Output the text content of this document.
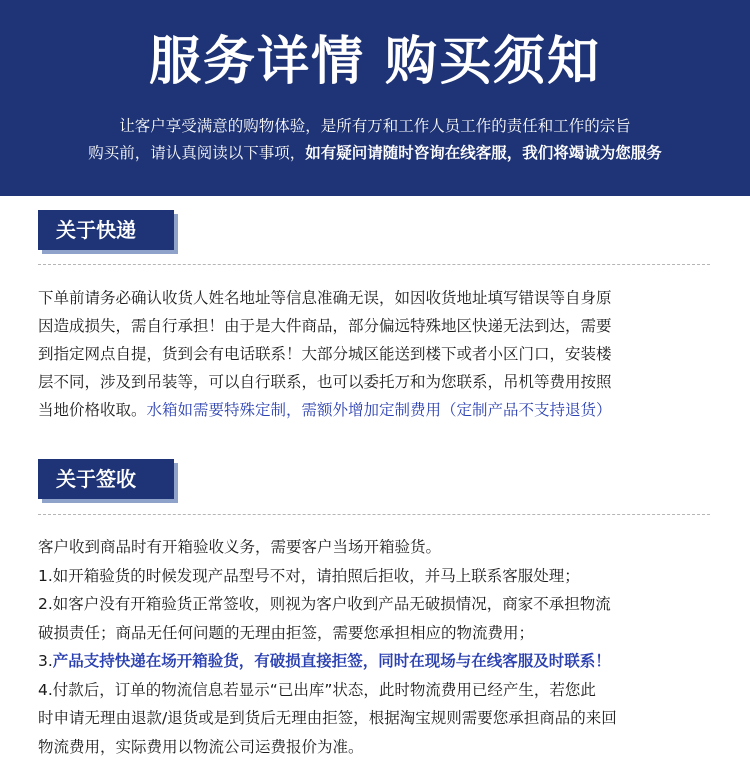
服务详情 购买须知
让客户享受满意的购物体验，是所有万和工作人员工作的责任和工作的宗旨
购买前，请认真阅读以下事项，如有疑问请随时咨询在线客服，我们将竭诚为您服务
关于快递
下单前请务必确认收货人姓名地址等信息准确无误，如因收货地址填写错误等自身原
因造成损失，需自行承担！由于是大件商品，部分偏远特殊地区快递无法到达，需要
到指定网点自提，货到会有电话联系！大部分城区能送到楼下或者小区门口，安装楼
层不同，涉及到吊装等，可以自行联系，也可以委托万和为您联系，吊机等费用按照
当地价格收取。水箱如需要特殊定制，需额外增加定制费用（定制产品不支持退货）
关于签收
客户收到商品时有开箱验收义务，需要客户当场开箱验货。
1.如开箱验货的时候发现产品型号不对，请拍照后拒收，并马上联系客服处理；
2.如客户没有开箱验货正常签收，则视为客户收到产品无破损情况，商家不承担物流
破损责任；商品无任何问题的无理由拒签，需要您承担相应的物流费用；
3.产品支持快递在场开箱验货，有破损直接拒签，同时在现场与在线客服及时联系！
4.付款后，订单的物流信息若显示“已出库”状态，此时物流费用已经产生，若您此
时申请无理由退款/退货或是到货后无理由拒签，根据淘宝规则需要您承担商品的来回
物流费用，实际费用以物流公司运费报价为准。
